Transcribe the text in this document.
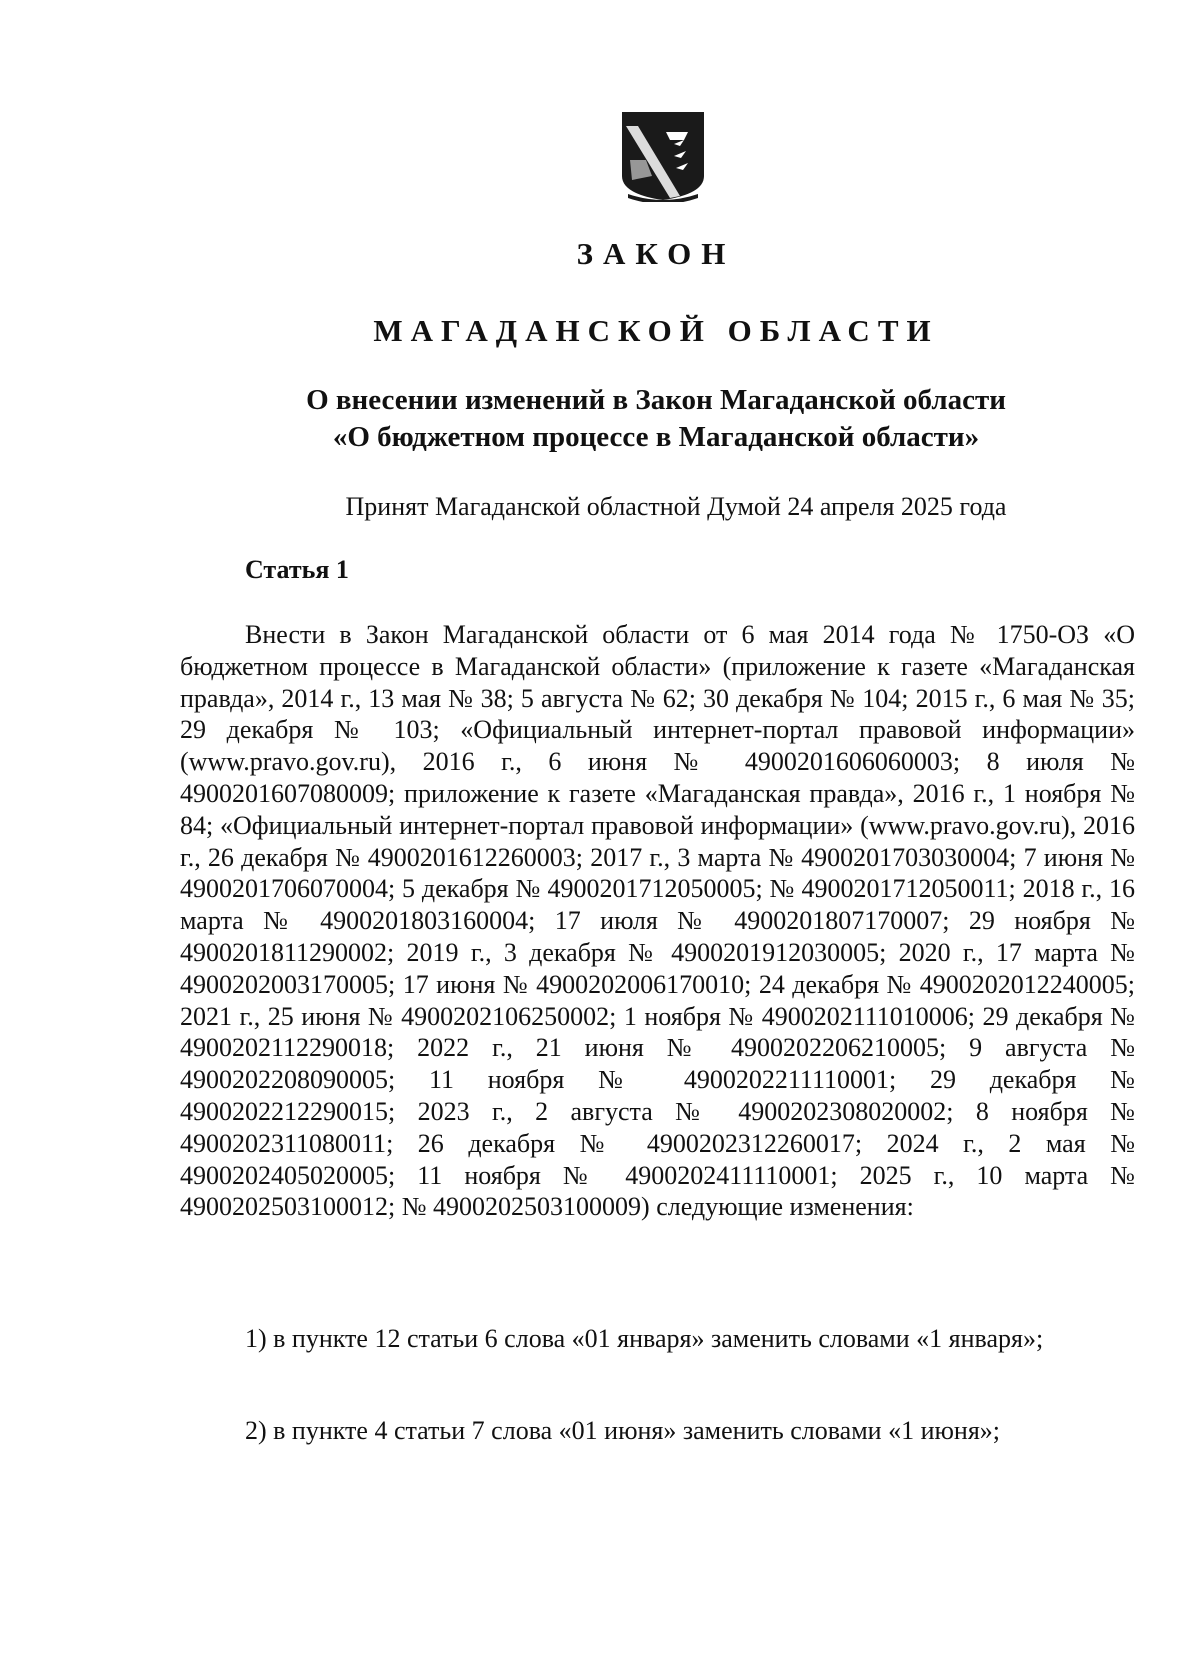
ЗАКОН
МАГАДАНСКОЙ ОБЛАСТИ
О внесении изменений в Закон Магаданской области
«О бюджетном процессе в Магаданской области»
Принят Магаданской областной Думой 24 апреля 2025 года
Статья 1

Внести в Закон Магаданской области от 6 мая 2014 года № 1750-ОЗ «О бюджетном процессе в Магаданской области» (приложение к газете «Магаданская правда», 2014 г., 13 мая № 38; 5 августа № 62; 30 декабря № 104; 2015 г., 6 мая № 35; 29 декабря № 103; «Официальный интернет-портал правовой информации» (www.pravo.gov.ru), 2016 г., 6 июня № 4900201606060003; 8 июля № 4900201607080009; приложение к газете «Магаданская правда», 2016 г., 1 ноября № 84; «Официальный интернет-портал правовой информации» (www.pravo.gov.ru), 2016 г., 26 декабря № 4900201612260003; 2017 г., 3 марта № 4900201703030004; 7 июня № 4900201706070004; 5 декабря № 4900201712050005; № 4900201712050011; 2018 г., 16 марта № 4900201803160004; 17 июля № 4900201807170007; 29 ноября № 4900201811290002; 2019 г., 3 декабря № 4900201912030005; 2020 г., 17 марта № 4900202003170005; 17 июня № 4900202006170010; 24 декабря № 4900202012240005; 2021 г., 25 июня № 4900202106250002; 1 ноября № 4900202111010006; 29 декабря № 4900202112290018; 2022 г., 21 июня № 4900202206210005; 9 августа № 4900202208090005; 11 ноября № 4900202211110001; 29 декабря № 4900202212290015; 2023 г., 2 августа № 4900202308020002; 8 ноября № 4900202311080011; 26 декабря № 4900202312260017; 2024 г., 2 мая № 4900202405020005; 11 ноября № 4900202411110001; 2025 г., 10 марта № 4900202503100012; № 4900202503100009) следующие изменения:

1) в пункте 12 статьи 6 слова «01 января» заменить словами «1 января»;

2) в пункте 4 статьи 7 слова «01 июня» заменить словами «1 июня»;
